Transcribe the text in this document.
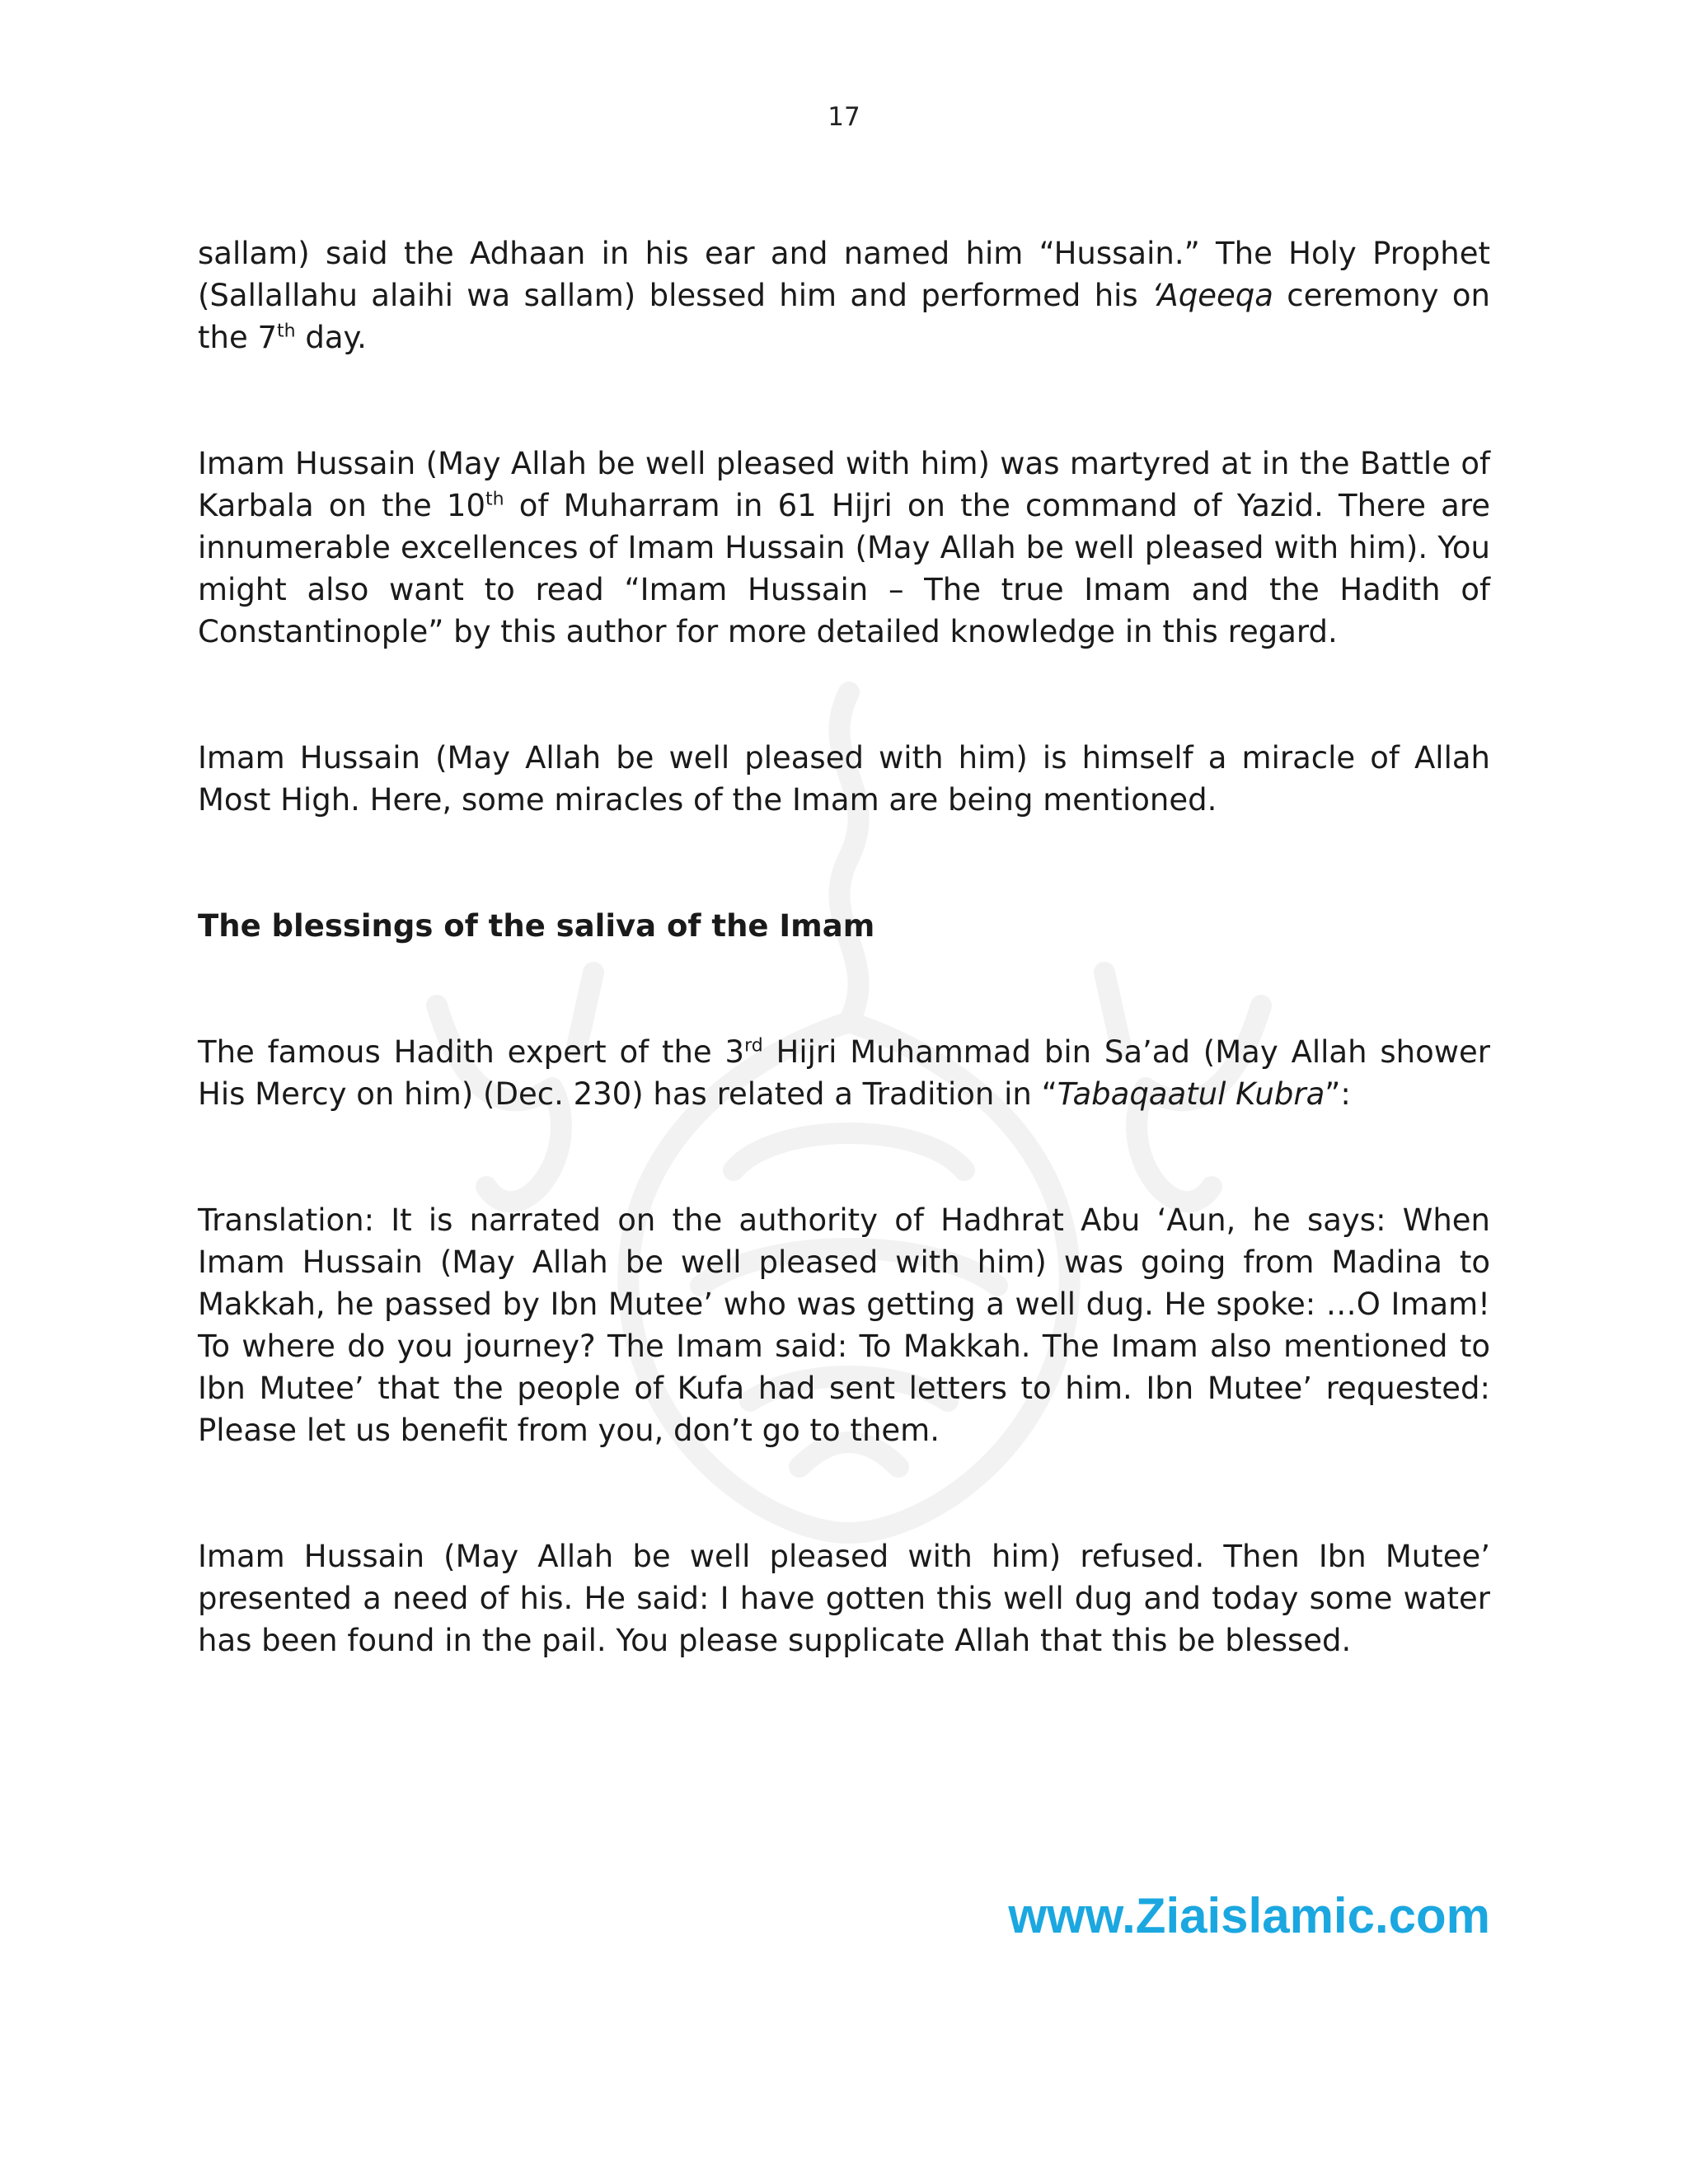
17

sallam) said the Adhaan in his ear and named him “Hussain.” The Holy Prophet (Sallallahu alaihi wa sallam) blessed him and performed his ‘Aqeeqa ceremony on the 7th day.

Imam Hussain (May Allah be well pleased with him) was martyred at in the Battle of Karbala on the 10th of Muharram in 61 Hijri on the command of Yazid. There are innumerable excellences of Imam Hussain (May Allah be well pleased with him). You might also want to read “Imam Hussain – The true Imam and the Hadith of Constantinople” by this author for more detailed knowledge in this regard.

Imam Hussain (May Allah be well pleased with him) is himself a miracle of Allah Most High. Here, some miracles of the Imam are being mentioned.

The blessings of the saliva of the Imam

The famous Hadith expert of the 3rd Hijri Muhammad bin Sa’ad (May Allah shower His Mercy on him) (Dec. 230) has related a Tradition in “Tabaqaatul Kubra”:

Translation: It is narrated on the authority of Hadhrat Abu ‘Aun, he says: When Imam Hussain (May Allah be well pleased with him) was going from Madina to Makkah, he passed by Ibn Mutee’ who was getting a well dug. He spoke: …O Imam! To where do you journey? The Imam said: To Makkah. The Imam also mentioned to Ibn Mutee’ that the people of Kufa had sent letters to him. Ibn Mutee’ requested: Please let us benefit from you, don’t go to them.

Imam Hussain (May Allah be well pleased with him) refused. Then Ibn Mutee’ presented a need of his. He said: I have gotten this well dug and today some water has been found in the pail. You please supplicate Allah that this be blessed.

www.Ziaislamic.com
